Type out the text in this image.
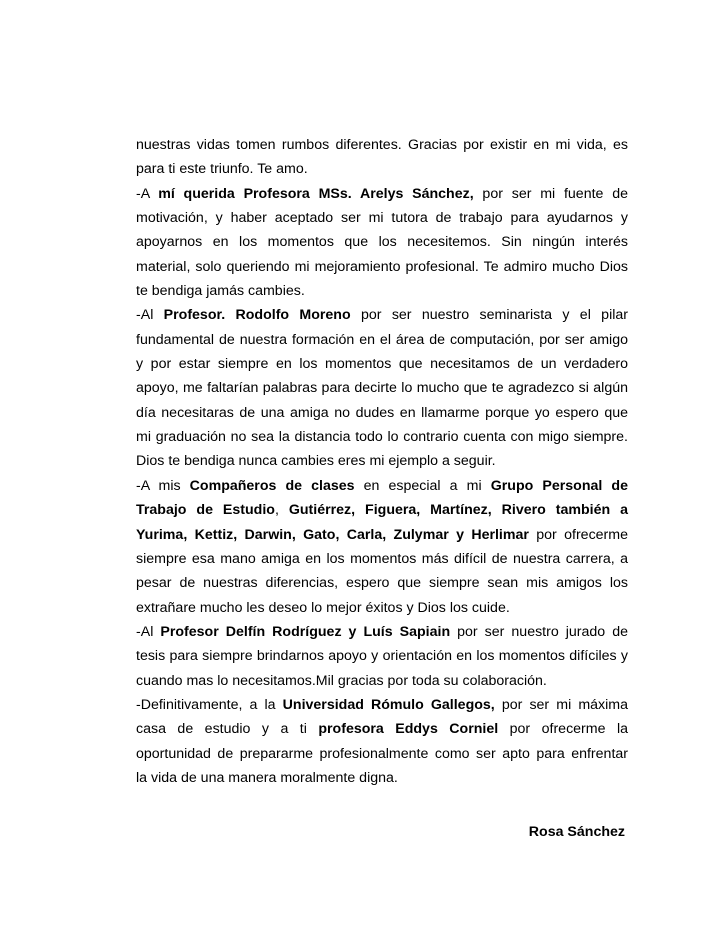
nuestras vidas tomen rumbos diferentes. Gracias por existir en mi vida, es
para ti este triunfo. Te amo.
-A mí querida Profesora MSs. Arelys Sánchez, por ser mi fuente de
motivación, y haber aceptado ser mi tutora de trabajo para ayudarnos y
apoyarnos en los momentos que los necesitemos. Sin ningún interés
material, solo queriendo mi mejoramiento profesional. Te admiro mucho Dios
te bendiga jamás cambies.
-Al Profesor. Rodolfo Moreno por ser nuestro seminarista y el pilar
fundamental de nuestra formación en el área de computación, por ser amigo
y por estar siempre en los momentos que necesitamos de un verdadero
apoyo, me faltarían palabras para decirte lo mucho que te agradezco si algún
día necesitaras de una amiga no dudes en llamarme porque yo espero que
mi graduación no sea la distancia todo lo contrario cuenta con migo siempre.
Dios te bendiga nunca cambies eres mi ejemplo a seguir.
-A mis Compañeros de clases en especial a mi Grupo Personal de
Trabajo de Estudio, Gutiérrez, Figuera, Martínez, Rivero también a
Yurima, Kettiz, Darwin, Gato, Carla, Zulymar y Herlimar por ofrecerme
siempre esa mano amiga en los momentos más difícil de nuestra carrera, a
pesar de nuestras diferencias, espero que siempre sean mis amigos los
extrañare mucho les deseo lo mejor éxitos y Dios los cuide.
-Al Profesor Delfín Rodríguez y Luís Sapiain por ser nuestro jurado de
tesis para siempre brindarnos apoyo y orientación en los momentos difíciles y
cuando mas lo necesitamos.Mil gracias por toda su colaboración.
-Definitivamente, a la Universidad Rómulo Gallegos, por ser mi máxima
casa de estudio y a ti profesora Eddys Corniel por ofrecerme la
oportunidad de prepararme profesionalmente como ser apto para enfrentar
la vida de una manera moralmente digna.
Rosa Sánchez
